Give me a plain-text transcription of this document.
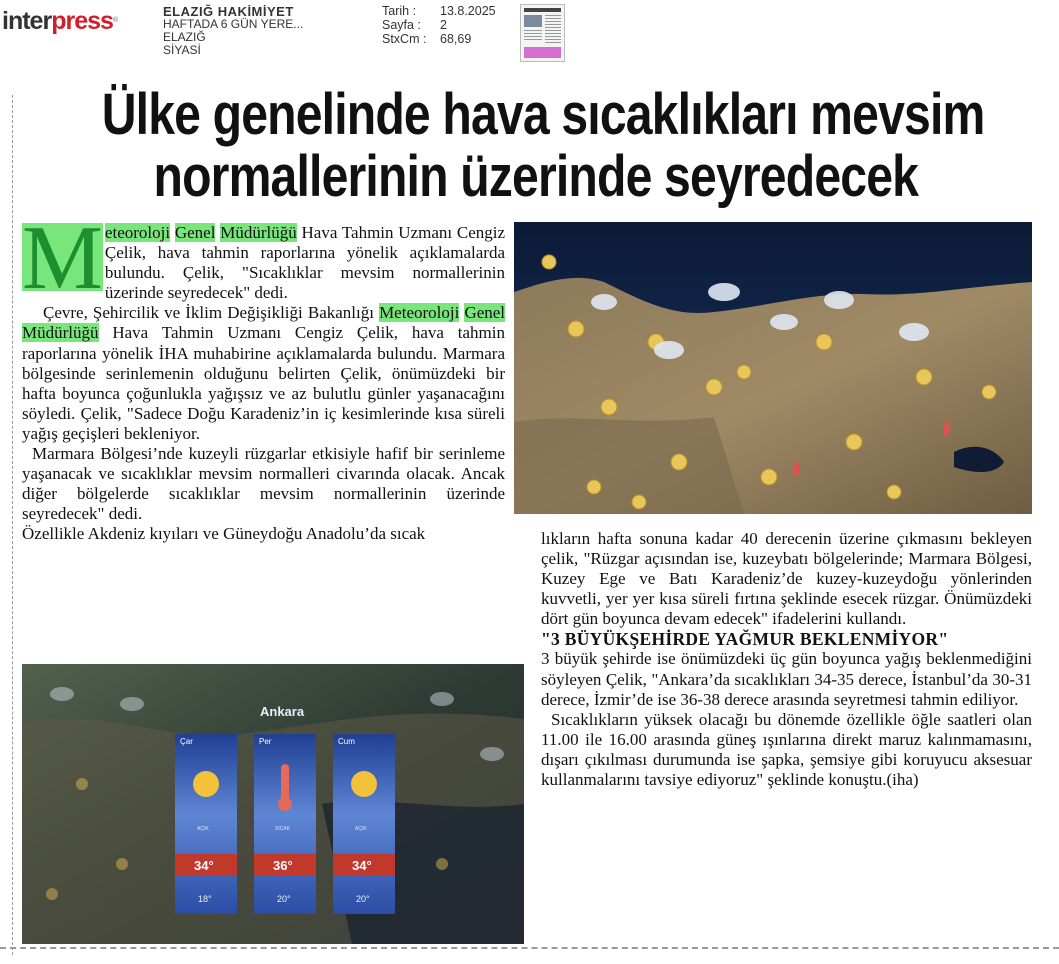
interpress®
ELAZIĞ HAKİMİYET
HAFTADA 6 GÜN YERE...
ELAZIĞ
SİYASİ
Tarih :	13.8.2025
Sayfa :	2
StxCm :	68,69
Ülke genelinde hava sıcaklıkları mevsim
normallerinin üzerinde seyredecek

M eteoroloji Genel Müdürlüğü Hava Tahmin Uzmanı Cengiz Çelik, hava tahmin raporlarına yönelik açıklamalarda bulundu. Çelik, "Sıcaklıklar mevsim normallerinin üzerinde seyredecek" dedi.

Çevre, Şehircilik ve İklim Değişikliği Bakanlığı Meteoroloji Genel Müdürlüğü Hava Tahmin Uzmanı Cengiz Çelik, hava tahmin raporlarına yönelik İHA muhabirine açıklamalarda bulundu. Marmara bölgesinde serinlemenin olduğunu belirten Çelik, önümüzdeki bir hafta boyunca çoğunlukla yağışsız ve az bulutlu günler yaşanacağını söyledi. Çelik, "Sadece Doğu Karadeniz’in iç kesimlerinde kısa süreli yağış geçişleri bekleniyor.

Marmara Bölgesi’nde kuzeyli rüzgarlar etkisiyle hafif bir serinleme yaşanacak ve sıcaklıklar mevsim normalleri civarında olacak. Ancak diğer bölgelerde sıcaklıklar mevsim normallerinin üzerinde seyredecek" dedi.

Özellikle Akdeniz kıyıları ve Güneydoğu Anadolu’da sıcak	lıkların hafta sonuna kadar 40 derecenin üzerine çıkmasını bekleyen çelik, "Rüzgar açısından ise, kuzeybatı bölgelerinde; Marmara Bölgesi, Kuzey Ege ve Batı Karadeniz’de kuzey-kuzeydoğu yönlerinden kuvvetli, yer yer kısa süreli fırtına şeklinde esecek rüzgar. Önümüzdeki dört gün boyunca devam edecek" ifadelerini kullandı.

"3 BÜYÜKŞEHİRDE YAĞMUR BEKLENMİYOR"

3 büyük şehirde ise önümüzdeki üç gün boyunca yağış beklenmediğini söyleyen Çelik, "Ankara’da sıcaklıkları 34-35 derece, İstanbul’da 30-31 derece, İzmir’de ise 36-38 derece arasında seyretmesi tahmin ediliyor.

Sıcaklıkların yüksek olacağı bu dönemde özellikle öğle saatleri olan 11.00 ile 16.00 arasında güneş ışınlarına direkt maruz kalınmamasını, dışarı çıkılması durumunda ise şapka, şemsiye gibi koruyucu aksesuar kullanmalarını tavsiye ediyoruz" şeklinde konuştu.(iha)

Ankara
Çar
AÇIK
34°
18°
Per
SICAK
36°
20°
Cum
AÇIK
34°
20°
